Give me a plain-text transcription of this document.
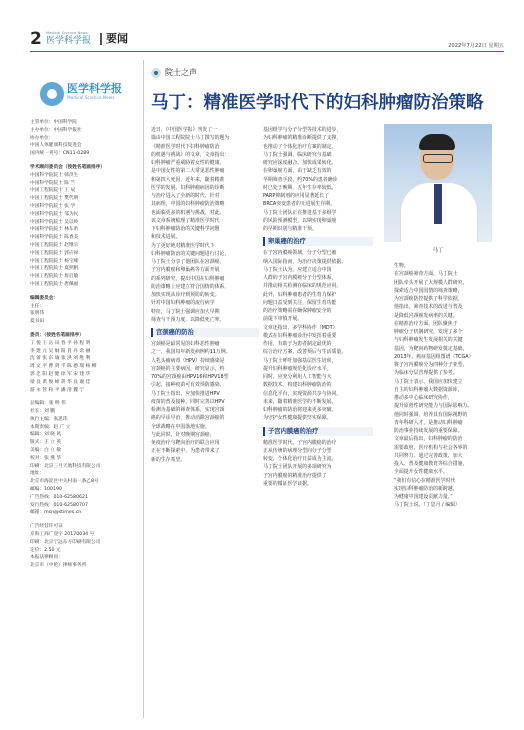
2 Medical Science News
医学科学报	要闻
2022年7月22日 星期五
医学科学报
Medical Science News
主管单位：中国科学院
主办单位：中国科学报社
协办单位：
中国人体健康科技促进会
国内统一刊号：CN11-0289
学术顾问委员会（按姓名笔画排序）
中国科学院院士 韩济生
中国科学院院士 陈 竺
中国工程院院士 王 辰
中国工程院院士 樊代明
中国科学院院士 张 学
中国科学院院士 邹为民
中国科学院院士 吴以岭
中国科学院院士 林东昕
中国科学院院士 陈香美
中国工程院院士 赵继宗
中国工程院院士 郭应禄
中国工程院院士 杨宝峰
中国工程院院士 夏照帆
中国工程院院士 詹启敏
中国工程院院士 唐佩福
编辑委员会：
主任：
张明伟
夏书田
委员：（按姓名笔画排序）
丁 悦 王 岳 田 春 平 孙 程 明
李 建 元 吴 炯 阳 肖 丹 余 丽
沈 蕾 张 东 瑜 张 洪 刘 胜 利
周 文 平 曹 剑 平 陈 德 瑞 杨 柳
郭 忠 阳 赵 健 徐 军 宋 建 华
梁 良 黄 俊 峰 蒋 华 良 谢 佳
游 永 管 和 平 潘 清 魏 宁
总编辑：张 明 伟
社长：刘 鹏
执行主编：张思玮
本期责编：赵 广 立
编辑：刘 晓 风
版式：王 立 英
美编：白 立 敏
校对：张 燕 华
印刷：北京三月天地科技有限公司
地址：
北京市海淀区中关村南一条乙8号
邮编：100190
广告热线：010-62580621
发行热线：010-62580707
邮箱：msn@stimes.cn
广告经营许可证
京海工商广登字 20170034 号
印刷：北京宁远东方印刷有限公司
定价：2.50 元
本报法律顾问：
北京市（中伦）律师事务所
院士之声
马丁：精准医学时代下的妇科肿瘤防治策略
近日，《中国医学报》刊发了一
篇由中国工程院院士马丁撰写的题为
《精准医学时代下妇科肿瘤防治
的机遇与挑战》的文章，文章指出：
妇科肿瘤严重威胁着女性的健康，
是中国女性的第二大常见恶性肿瘤
和第四大死因，近年来，随着精准
医学的发展，妇科肿瘤病因的诊断
与治疗进入了全新的时代，针对
其病理，中国的妇科肿瘤防治策略
也面临更多的机遇与挑战，对此，
该文章系统梳理了精准医学时代
下妇科肿瘤防治的关键科学问题
和技术进展。
为了更好地对精准医学时代下
妇科肿瘤防治的关键问题进行讨论，
马丁院士分享了他团队在宫颈癌、
子宫内膜癌和卵巢癌等方面开展
的系列研究，提出中国在妇科肿瘤
防治策略上应建立符合国情的体系，
加快实现从诊疗到预防的转变。
针对中国妇科肿瘤的流行病学
特征，马丁院士强调应加大早期
筛查与干预力度，以降低死亡率。
宫颈癌的防治
宫颈癌是最常见的妇科恶性肿瘤
之一，我国每年新发病例约11万例。
人乳头瘤病毒（HPV）持续感染是
宫颈癌的主要病因，研究显示，约
70%的宫颈癌由HPV16和HPV18型
引起，接种疫苗可有效预防感染。
马丁院士指出，应加快推进HPV
疫苗的普及接种，同时完善以HPV
检测为基础的筛查体系，实现宫颈
癌的早诊早治，推动消除宫颈癌的
全球战略在中国落地实施。
与此同时，针对晚期宫颈癌，
免疫治疗与靶向治疗的联合应用
正在不断探索中，为患者带来了
新的生存希望。
基因组学与分子分型等技术的进步，
为妇科肿瘤的精准诊断提供了支撑，
也推动了个体化治疗方案的制定。
马丁院士强调，临床研究与基础
研究应深度融合，加快成果转化。
在卵巢癌方面，由于缺乏有效的
早期筛查手段，约70%的患者确诊
时已处于晚期，五年生存率较低。
PARP抑制剂的应用显著延长了
BRCA突变患者的无进展生存期。
马丁院士团队正在推进基于多组学
的风险预测模型，以期实现卵巢癌
的早期识别与精准干预。
卵巢癌的治疗
在子宫内膜癌领域，分子分型已被
纳入国际指南，为治疗决策提供依据。
马丁院士认为，应建立适合中国
人群的子宫内膜癌分子分型体系，
并推动相关检测在临床的规范应用。
此外，妇科肿瘤患者的生育力保护
问题日益受到关注，保留生育功能
的治疗策略需在确保肿瘤安全的
前提下审慎开展。
文章还指出，多学科协作（MDT）
模式在妇科肿瘤诊治中发挥着重要
作用，有助于为患者制定最优的
综合治疗方案，改善预后与生活质量。
马丁院士呼吁加强基层医生培训，
提升妇科肿瘤规范化诊疗水平。
同时，应充分利用人工智能与大
数据技术，构建妇科肿瘤防治的
信息化平台，实现资源共享与协同。
未来，随着精准医学的不断发展，
妇科肿瘤的防治将迎来更多突破，
为守护女性健康提供坚实保障。
子宫内膜癌的治疗
精准医学时代，子宫内膜癌的治疗
正从传统的病理分型向分子分型
转变，个体化治疗日益成为主流。
马丁院士团队开展的多项研究为
子宫内膜癌的精准治疗提供了
重要的循证医学证据。
马丁
生物。
在宫颈癌筛查方面，马丁院士
团队牵头开展了大规模人群研究，
探索适合中国国情的筛查策略，
为宫颈癌防控提供了科学依据。
他指出，筛查技术的改进与普及
是降低宫颈癌发病率的关键。
在精准治疗方面，团队聚焦于
肿瘤分子机制研究，发现了多个
与妇科肿瘤发生发展相关的关键
基因，为靶向药物研发奠定基础。
2013年，癌症基因组图谱（TCGA）
将子宫内膜癌分为四种分子亚型，
为临床分层管理提供了参考。
马丁院士表示，我国应加快建立
自主的妇科肿瘤大数据资源库，
推动多中心临床研究协作，
提升原创性研究能力与国际影响力。
他同时强调，培养具有国际视野的
青年科研人才，是推动妇科肿瘤
防治事业持续发展的重要保障。
文章最后指出，妇科肿瘤的防治
需要政府、医疗机构与社会各界的
共同努力，通过完善政策、加大
投入、普及健康教育等综合措施，
全面提升女性健康水平。
“我们有信心在精准医学时代
实现妇科肿瘤防治的新跨越，
为健康中国建设贡献力量。”
马丁院士说。（丁思月 / 编辑）
